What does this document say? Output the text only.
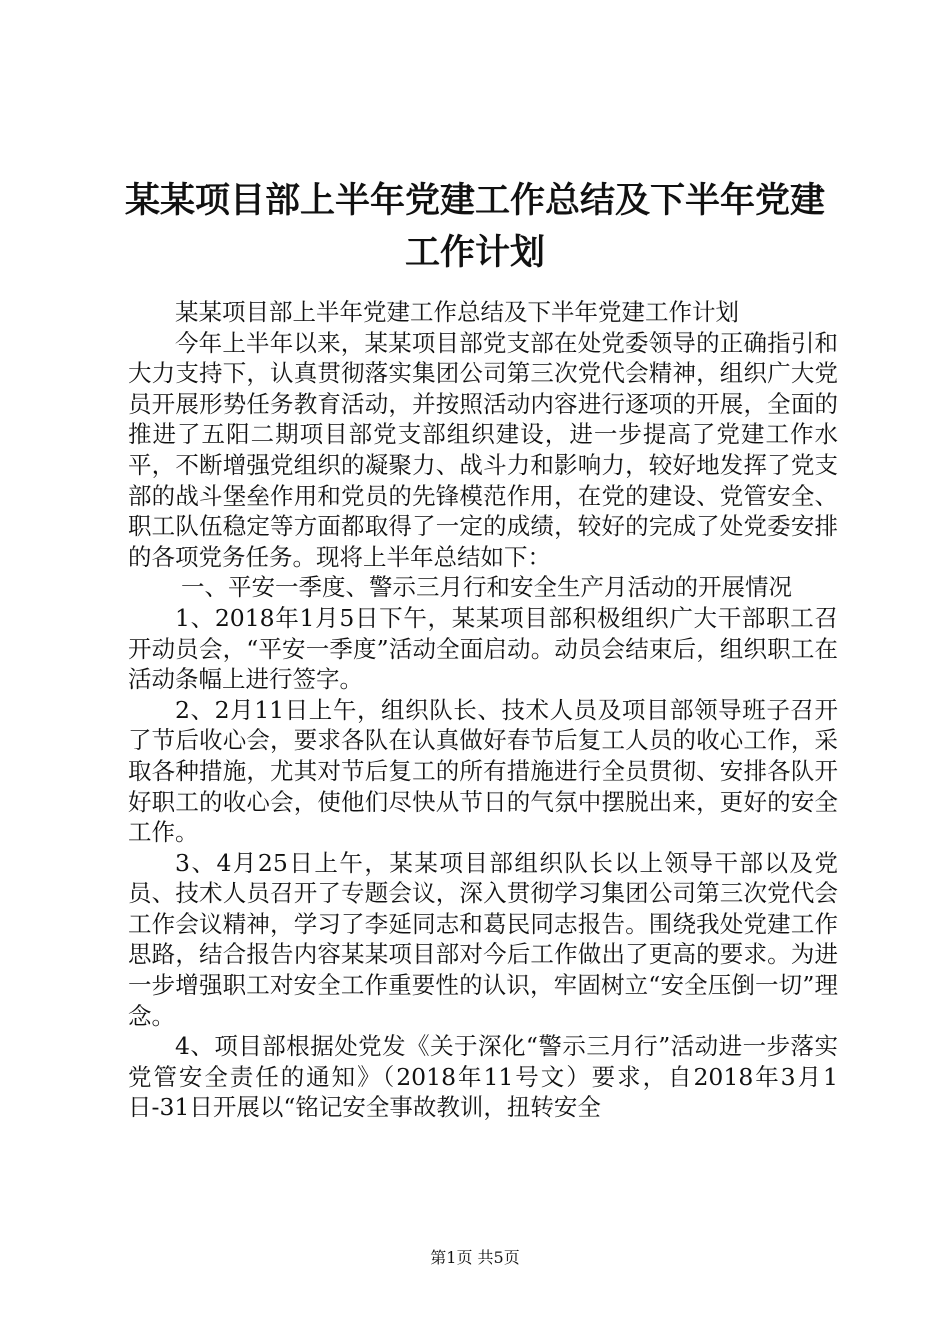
某某项目部上半年党建工作总结及下半年党建
工作计划

某某项目部上半年党建工作总结及下半年党建工作计划

今年上半年以来，某某项目部党支部在处党委领导的正确指引和大力支持下，认真贯彻落实集团公司第三次党代会精神，组织广大党员开展形势任务教育活动，并按照活动内容进行逐项的开展，全面的推进了五阳二期项目部党支部组织建设，进一步提高了党建工作水平，不断增强党组织的凝聚力、战斗力和影响力，较好地发挥了党支部的战斗堡垒作用和党员的先锋模范作用，在党的建设、党管安全、职工队伍稳定等方面都取得了一定的成绩，较好的完成了处党委安排的各项党务任务。现将上半年总结如下：

一、平安一季度、警示三月行和安全生产月活动的开展情况

1、2018年1月5日下午，某某项目部积极组织广大干部职工召开动员会，“平安一季度”活动全面启动。动员会结束后，组织职工在活动条幅上进行签字。

2、2月11日上午，组织队长、技术人员及项目部领导班子召开了节后收心会，要求各队在认真做好春节后复工人员的收心工作，采取各种措施，尤其对节后复工的所有措施进行全员贯彻、安排各队开好职工的收心会，使他们尽快从节日的气氛中摆脱出来，更好的安全工作。

3、4月25日上午，某某项目部组织队长以上领导干部以及党员、技术人员召开了专题会议，深入贯彻学习集团公司第三次党代会工作会议精神，学习了李延同志和葛民同志报告。围绕我处党建工作思路，结合报告内容某某项目部对今后工作做出了更高的要求。为进一步增强职工对安全工作重要性的认识，牢固树立“安全压倒一切”理念。

4、项目部根据处党发《关于深化“警示三月行”活动进一步落实党管安全责任的通知》（2018年11号文）要求，自2018年3月1日-31日开展以“铭记安全事故教训，扭转安全

第1页 共5页
